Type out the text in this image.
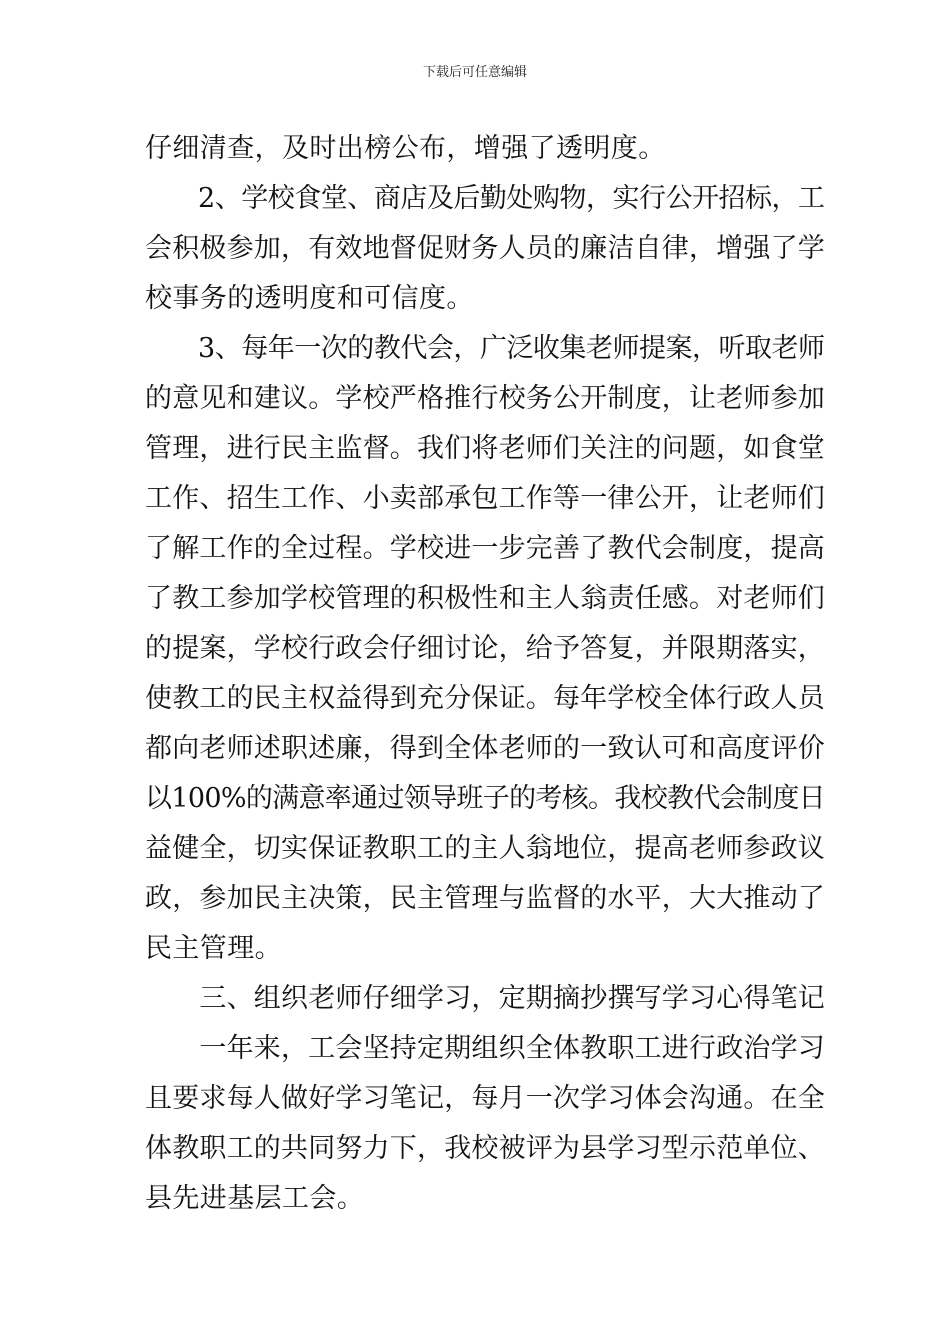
下载后可任意编辑
仔细清查，及时出榜公布，增强了透明度。
　　2、学校食堂、商店及后勤处购物，实行公开招标，工
会积极参加，有效地督促财务人员的廉洁自律，增强了学
校事务的透明度和可信度。
　　3、每年一次的教代会，广泛收集老师提案，听取老师
的意见和建议。学校严格推行校务公开制度，让老师参加
管理，进行民主监督。我们将老师们关注的问题，如食堂
工作、招生工作、小卖部承包工作等一律公开，让老师们
了解工作的全过程。学校进一步完善了教代会制度，提高
了教工参加学校管理的积极性和主人翁责任感。对老师们
的提案，学校行政会仔细讨论，给予答复，并限期落实，
使教工的民主权益得到充分保证。每年学校全体行政人员
都向老师述职述廉，得到全体老师的一致认可和高度评价
以100%的满意率通过领导班子的考核。我校教代会制度日
益健全，切实保证教职工的主人翁地位，提高老师参政议
政，参加民主决策，民主管理与监督的水平，大大推动了
民主管理。
　　三、组织老师仔细学习，定期摘抄撰写学习心得笔记
　　一年来，工会坚持定期组织全体教职工进行政治学习
且要求每人做好学习笔记，每月一次学习体会沟通。在全
体教职工的共同努力下，我校被评为县学习型示范单位、
县先进基层工会。
